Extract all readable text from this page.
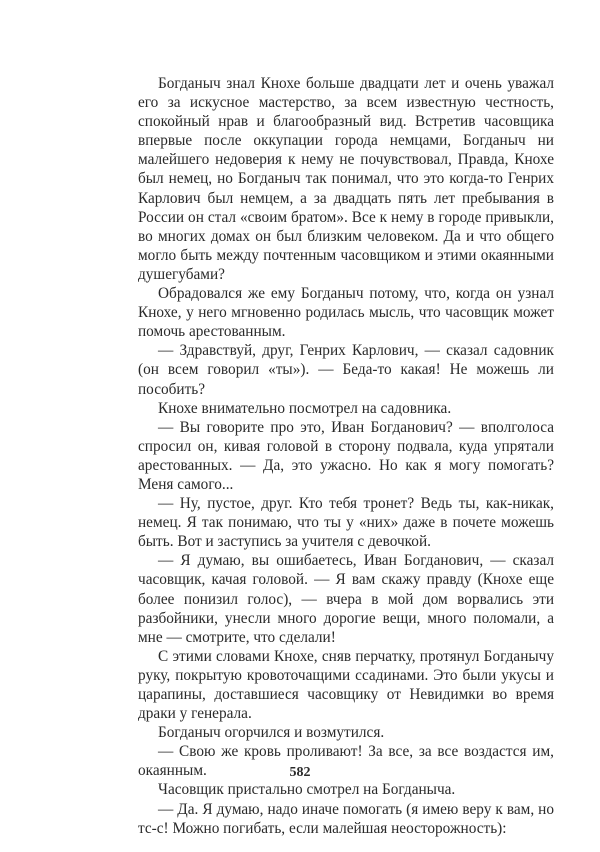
Богданыч знал Кнохе больше двадцати лет и очень уважал его за искусное мастерство, за всем известную честность, спокойный нрав и благообразный вид. Встретив часовщика впервые после оккупации города немцами, Богданыч ни малейшего недоверия к нему не почувствовал, Правда, Кнохе был немец, но Богданыч так понимал, что это когда-то Генрих Карлович был немцем, а за двадцать пять лет пребывания в России он стал «своим братом». Все к нему в городе привыкли, во многих домах он был близким человеком. Да и что общего могло быть между почтенным часовщиком и этими окаянными душегубами?

Обрадовался же ему Богданыч потому, что, когда он узнал Кнохе, у него мгновенно родилась мысль, что часовщик может помочь арестованным.

— Здравствуй, друг, Генрих Карлович, — сказал садовник (он всем говорил «ты»). — Беда-то какая! Не можешь ли пособить?

Кнохе внимательно посмотрел на садовника.

— Вы говорите про это, Иван Богданович? — вполголоса спросил он, кивая головой в сторону подвала, куда упрятали арестованных. — Да, это ужасно. Но как я могу помогать? Меня самого...

— Ну, пустое, друг. Кто тебя тронет? Ведь ты, как-никак, немец. Я так понимаю, что ты у «них» даже в почете можешь быть. Вот и заступись за учителя с девочкой.

— Я думаю, вы ошибаетесь, Иван Богданович, — сказал часовщик, качая головой. — Я вам скажу правду (Кнохе еще более понизил голос), — вчера в мой дом ворвались эти разбойники, унесли много дорогие вещи, много поломали, а мне — смотрите, что сделали!

С этими словами Кнохе, сняв перчатку, протянул Богданычу руку, покрытую кровоточащими ссадинами. Это были укусы и царапины, доставшиеся часовщику от Невидимки во время драки у генерала.

Богданыч огорчился и возмутился.

— Свою же кровь проливают! За все, за все воздастся им, окаянным.

Часовщик пристально смотрел на Богданыча.

— Да. Я думаю, надо иначе помогать (я имею веру к вам, но тс-с! Можно погибать, если малейшая неосторожность):

582
